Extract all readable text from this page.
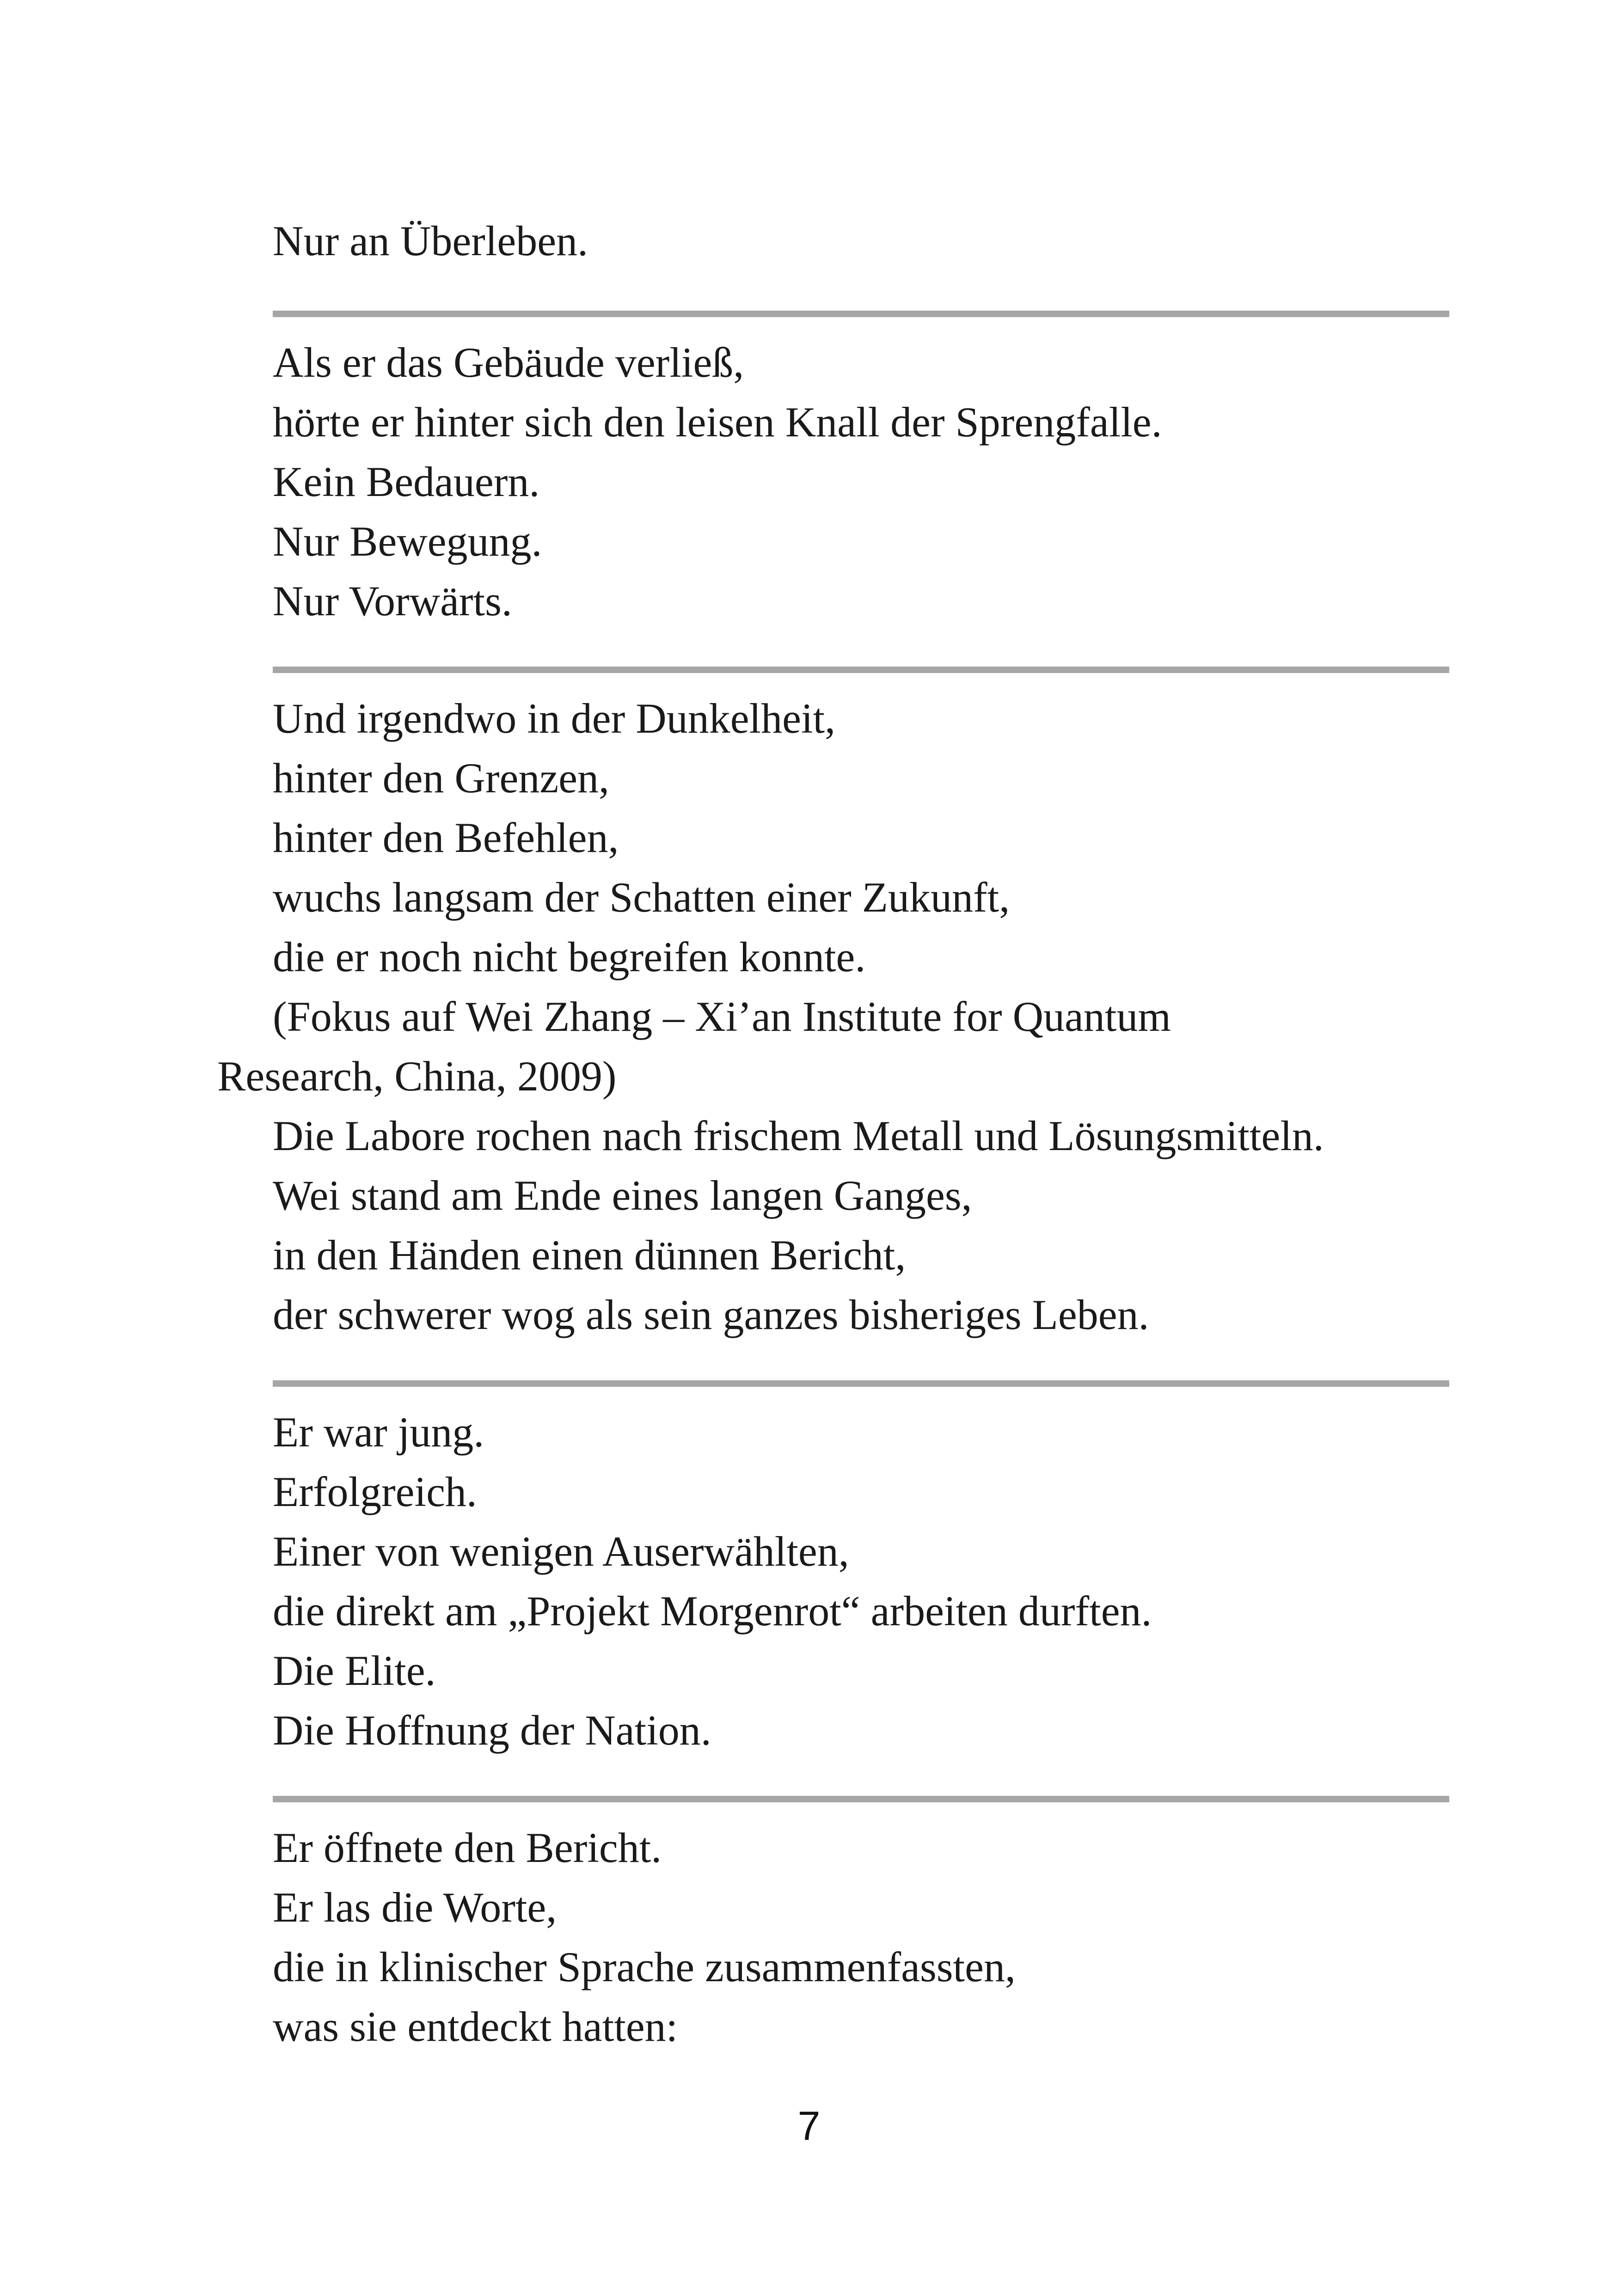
Nur an Überleben.
Als er das Gebäude verließ,
hörte er hinter sich den leisen Knall der Sprengfalle.
Kein Bedauern.
Nur Bewegung.
Nur Vorwärts.
Und irgendwo in der Dunkelheit,
hinter den Grenzen,
hinter den Befehlen,
wuchs langsam der Schatten einer Zukunft,
die er noch nicht begreifen konnte.
(Fokus auf Wei Zhang – Xi’an Institute for Quantum
Research, China, 2009)
Die Labore rochen nach frischem Metall und Lösungsmitteln.
Wei stand am Ende eines langen Ganges,
in den Händen einen dünnen Bericht,
der schwerer wog als sein ganzes bisheriges Leben.
Er war jung.
Erfolgreich.
Einer von wenigen Auserwählten,
die direkt am „Projekt Morgenrot“ arbeiten durften.
Die Elite.
Die Hoffnung der Nation.
Er öffnete den Bericht.
Er las die Worte,
die in klinischer Sprache zusammenfassten,
was sie entdeckt hatten:
7
